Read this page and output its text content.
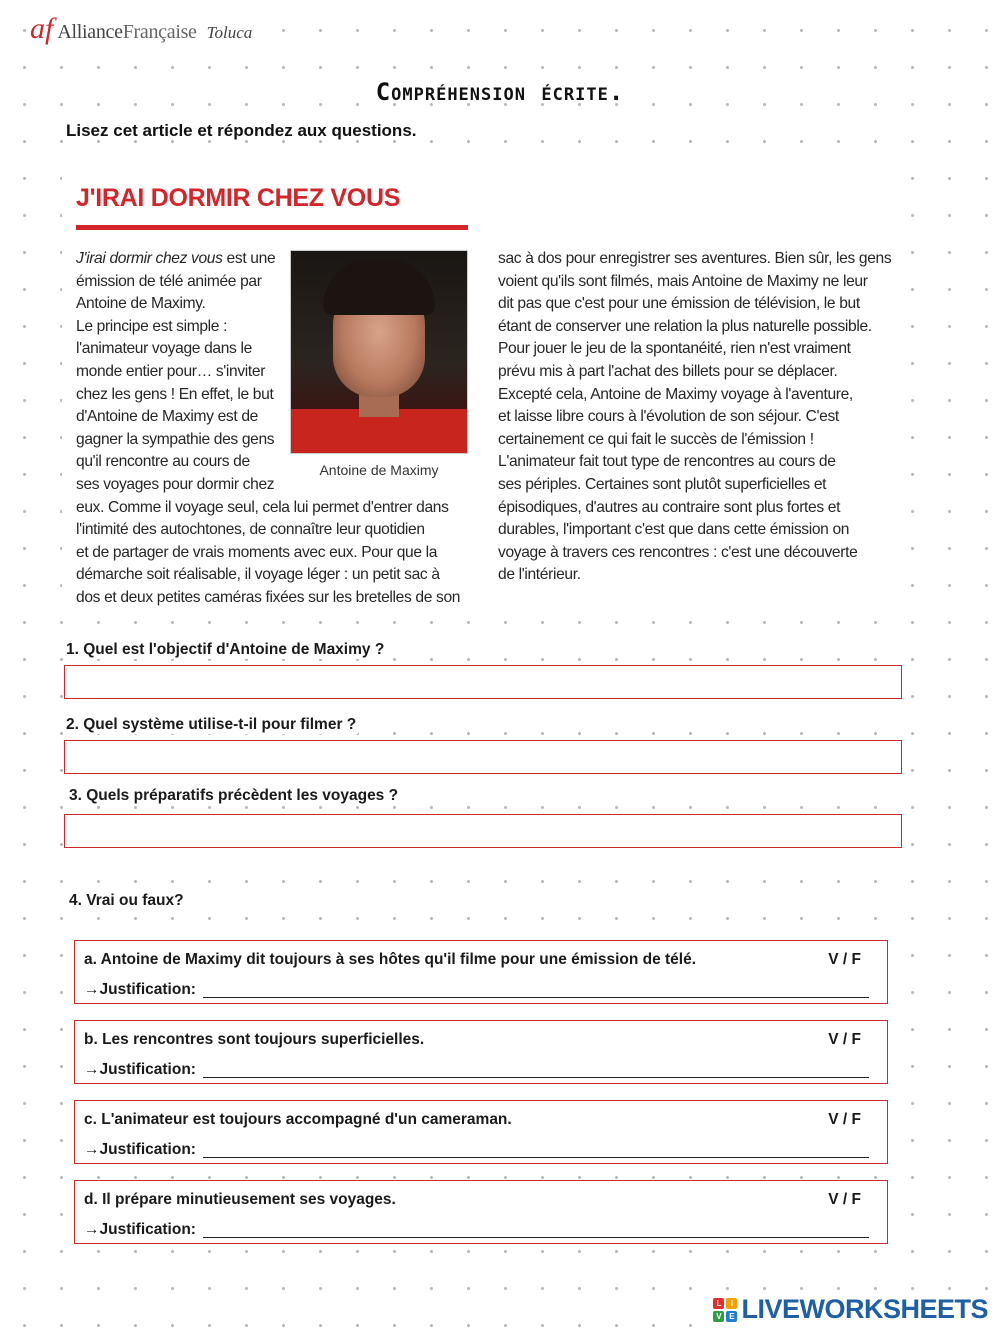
af AllianceFrançaise Toluca
Compréhension écrite.
Lisez cet article et répondez aux questions.
J'IRAI DORMIR CHEZ VOUS

J'irai dormir chez vous est une

émission de télé animée par

Antoine de Maximy.

Le principe est simple :

l'animateur voyage dans le

monde entier pour… s'inviter

chez les gens ! En effet, le but

d'Antoine de Maximy est de

gagner la sympathie des gens

qu'il rencontre au cours de

ses voyages pour dormir chez

eux. Comme il voyage seul, cela lui permet d'entrer dans

l'intimité des autochtones, de connaître leur quotidien

et de partager de vrais moments avec eux. Pour que la

démarche soit réalisable, il voyage léger : un petit sac à

dos et deux petites caméras fixées sur les bretelles de son

Antoine de Maximy

sac à dos pour enregistrer ses aventures. Bien sûr, les gens

voient qu'ils sont filmés, mais Antoine de Maximy ne leur

dit pas que c'est pour une émission de télévision, le but

étant de conserver une relation la plus naturelle possible.

Pour jouer le jeu de la spontanéité, rien n'est vraiment

prévu mis à part l'achat des billets pour se déplacer.

Excepté cela, Antoine de Maximy voyage à l'aventure,

et laisse libre cours à l'évolution de son séjour. C'est

certainement ce qui fait le succès de l'émission !

L'animateur fait tout type de rencontres au cours de

ses périples. Certaines sont plutôt superficielles et

épisodiques, d'autres au contraire sont plus fortes et

durables, l'important c'est que dans cette émission on

voyage à travers ces rencontres : c'est une découverte

de l'intérieur.

1. Quel est l'objectif d'Antoine de Maximy ?
2. Quel système utilise-t-il pour filmer ?
3. Quels préparatifs précèdent les voyages ?
4. Vrai ou faux?
a. Antoine de Maximy dit toujours à ses hôtes qu'il filme pour une émission de télé.	V / F
→Justification:
b. Les rencontres sont toujours superficielles.	V / F
→Justification:
c. L'animateur est toujours accompagné d'un cameraman.	V / F
→Justification:
d. Il prépare minutieusement ses voyages.	V / F
→Justification:
L	I
V E LIVEWORKSHEETS
